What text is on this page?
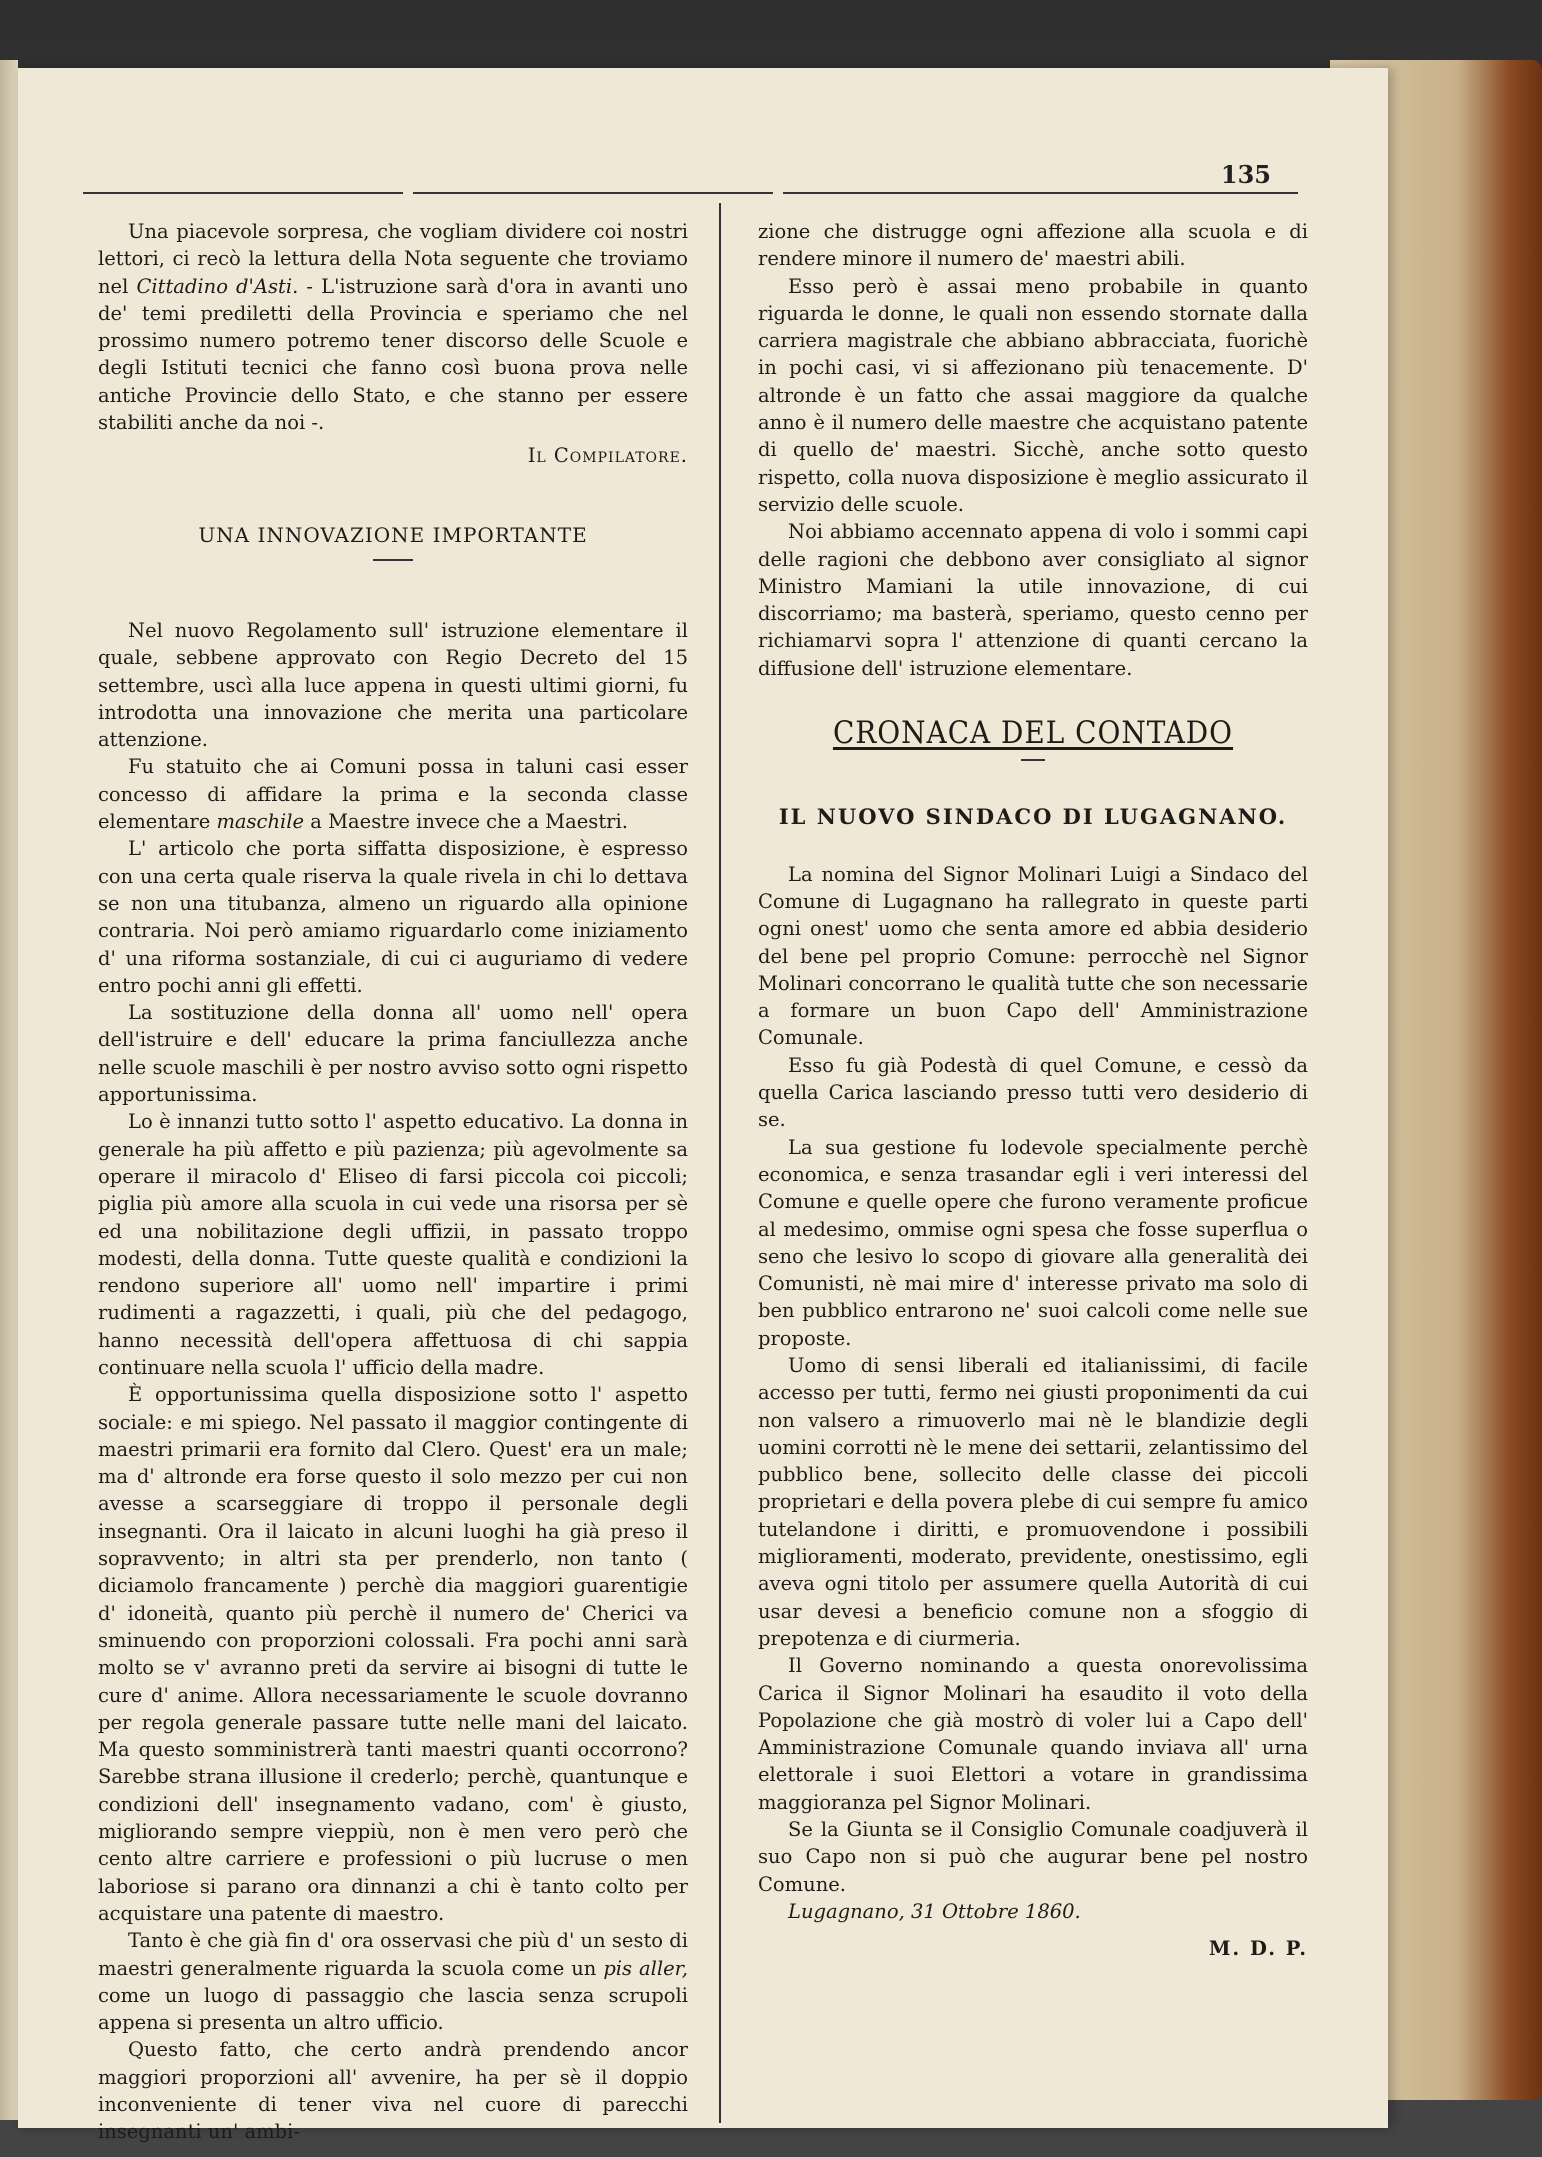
135

Una piacevole sorpresa, che vogliam dividere coi nostri lettori, ci recò la lettura della Nota seguente che troviamo nel Cittadino d'Asti. - L'istruzione sarà d'ora in avanti uno de' temi prediletti della Provincia e speriamo che nel prossimo numero potremo tener discorso delle Scuole e degli Istituti tecnici che fanno così buona prova nelle antiche Provincie dello Stato, e che stanno per essere stabiliti anche da noi -.

Il Compilatore.
UNA INNOVAZIONE IMPORTANTE

Nel nuovo Regolamento sull' istruzione elementare il quale, sebbene approvato con Regio Decreto del 15 settembre, uscì alla luce appena in questi ultimi giorni, fu introdotta una innovazione che merita una particolare attenzione.

Fu statuito che ai Comuni possa in taluni casi esser concesso di affidare la prima e la seconda classe elementare maschile a Maestre invece che a Maestri.

L' articolo che porta siffatta disposizione, è espresso con una certa quale riserva la quale rivela in chi lo dettava se non una titubanza, almeno un riguardo alla opinione contraria. Noi però amiamo riguardarlo come iniziamento d' una riforma sostanziale, di cui ci auguriamo di vedere entro pochi anni gli effetti.

La sostituzione della donna all' uomo nell' opera dell'istruire e dell' educare la prima fanciullezza anche nelle scuole maschili è per nostro avviso sotto ogni rispetto apportunissima.

Lo è innanzi tutto sotto l' aspetto educativo. La donna in generale ha più affetto e più pazienza; più agevolmente sa operare il miracolo d' Eliseo di farsi piccola coi piccoli; piglia più amore alla scuola in cui vede una risorsa per sè ed una nobilitazione degli uffizii, in passato troppo modesti, della donna. Tutte queste qualità e condizioni la rendono superiore all' uomo nell' impartire i primi rudimenti a ragazzetti, i quali, più che del pedagogo, hanno necessità dell'opera affettuosa di chi sappia continuare nella scuola l' ufficio della madre.

È opportunissima quella disposizione sotto l' aspetto sociale: e mi spiego. Nel passato il maggior contingente di maestri primarii era fornito dal Clero. Quest' era un male; ma d' altronde era forse questo il solo mezzo per cui non avesse a scarseggiare di troppo il personale degli insegnanti. Ora il laicato in alcuni luoghi ha già preso il sopravvento; in altri sta per prenderlo, non tanto ( diciamolo francamente ) perchè dia maggiori guarentigie d' idoneità, quanto più perchè il numero de' Cherici va sminuendo con proporzioni colossali. Fra pochi anni sarà molto se v' avranno preti da servire ai bisogni di tutte le cure d' anime. Allora necessariamente le scuole dovranno per regola generale passare tutte nelle mani del laicato. Ma questo somministrerà tanti maestri quanti occorrono? Sarebbe strana illusione il crederlo; perchè, quantunque e condizioni dell' insegnamento vadano, com' è giusto, migliorando sempre vieppiù, non è men vero però che cento altre carriere e professioni o più lucruse o men laboriose si parano ora dinnanzi a chi è tanto colto per acquistare una patente di maestro.

Tanto è che già fin d' ora osservasi che più d' un sesto di maestri generalmente riguarda la scuola come un pis aller, come un luogo di passaggio che lascia senza scrupoli appena si presenta un altro ufficio.

Questo fatto, che certo andrà prendendo ancor maggiori proporzioni all' avvenire, ha per sè il doppio inconveniente di tener viva nel cuore di parecchi insegnanti un' ambi-

zione che distrugge ogni affezione alla scuola e di rendere minore il numero de' maestri abili.

Esso però è assai meno probabile in quanto riguarda le donne, le quali non essendo stornate dalla carriera magistrale che abbiano abbracciata, fuorichè in pochi casi, vi si affezionano più tenacemente. D' altronde è un fatto che assai maggiore da qualche anno è il numero delle maestre che acquistano patente di quello de' maestri. Sicchè, anche sotto questo rispetto, colla nuova disposizione è meglio assicurato il servizio delle scuole.

Noi abbiamo accennato appena di volo i sommi capi delle ragioni che debbono aver consigliato al signor Ministro Mamiani la utile innovazione, di cui discorriamo; ma basterà, speriamo, questo cenno per richiamarvi sopra l' attenzione di quanti cercano la diffusione dell' istruzione elementare.

CRONACA DEL CONTADO
IL NUOVO SINDACO DI LUGAGNANO.

La nomina del Signor Molinari Luigi a Sindaco del Comune di Lugagnano ha rallegrato in queste parti ogni onest' uomo che senta amore ed abbia desiderio del bene pel proprio Comune: perrocchè nel Signor Molinari concorrano le qualità tutte che son necessarie a formare un buon Capo dell' Amministrazione Comunale.

Esso fu già Podestà di quel Comune, e cessò da quella Carica lasciando presso tutti vero desiderio di se.

La sua gestione fu lodevole specialmente perchè economica, e senza trasandar egli i veri interessi del Comune e quelle opere che furono veramente proficue al medesimo, ommise ogni spesa che fosse superflua o seno che lesivo lo scopo di giovare alla generalità dei Comunisti, nè mai mire d' interesse privato ma solo di ben pubblico entrarono ne' suoi calcoli come nelle sue proposte.

Uomo di sensi liberali ed italianissimi, di facile accesso per tutti, fermo nei giusti proponimenti da cui non valsero a rimuoverlo mai nè le blandizie degli uomini corrotti nè le mene dei settarii, zelantissimo del pubblico bene, sollecito delle classe dei piccoli proprietari e della povera plebe di cui sempre fu amico tutelandone i diritti, e promuovendone i possibili miglioramenti, moderato, previdente, onestissimo, egli aveva ogni titolo per assumere quella Autorità di cui usar devesi a beneficio comune non a sfoggio di prepotenza e di ciurmeria.

Il Governo nominando a questa onorevolissima Carica il Signor Molinari ha esaudito il voto della Popolazione che già mostrò di voler lui a Capo dell' Amministrazione Comunale quando inviava all' urna elettorale i suoi Elettori a votare in grandissima maggioranza pel Signor Molinari.

Se la Giunta se il Consiglio Comunale coadjuverà il suo Capo non si può che augurar bene pel nostro Comune.

Lugagnano, 31 Ottobre 1860.

M. D. P.
